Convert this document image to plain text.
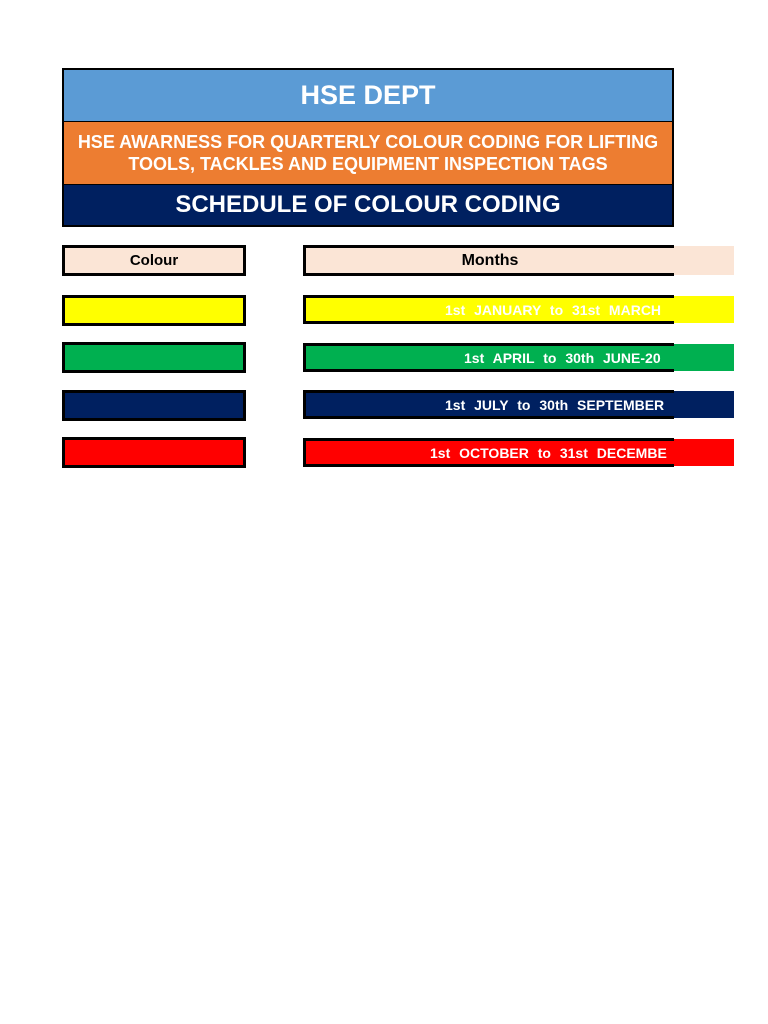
HSE DEPT
HSE AWARNESS FOR QUARTERLY COLOUR CODING FOR LIFTING
TOOLS, TACKLES AND EQUIPMENT INSPECTION TAGS
SCHEDULE OF COLOUR CODING
Colour	Months
1st JANUARY to 31st MARCH
1st APRIL to 30th JUNE-20
1st JULY to 30th SEPTEMBER
1st OCTOBER to 31st DECEMBE
